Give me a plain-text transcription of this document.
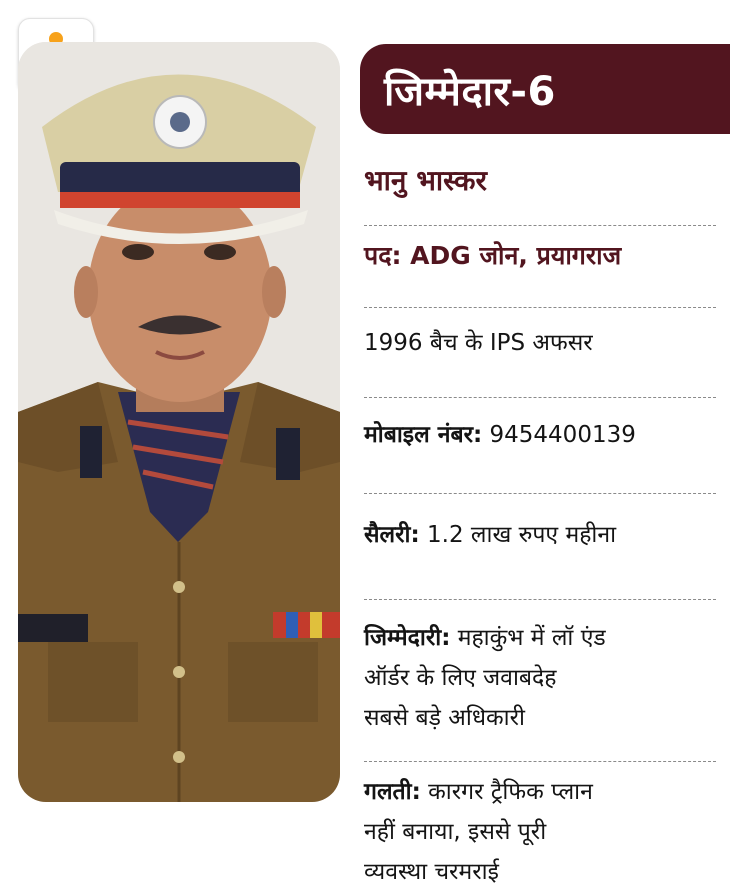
जिम्मेदार-6
भानु भास्कर
पद: ADG जोन, प्रयागराज
1996 बैच के IPS अफसर
मोबाइल नंबर: 9454400139
सैलरी: 1.2 लाख रुपए महीना
जिम्मेदारी: महाकुंभ में लॉ एंड
ऑर्डर के लिए जवाबदेह
सबसे बड़े अधिकारी
गलती: कारगर ट्रैफिक प्लान
नहीं बनाया, इससे पूरी
व्यवस्था चरमराई
